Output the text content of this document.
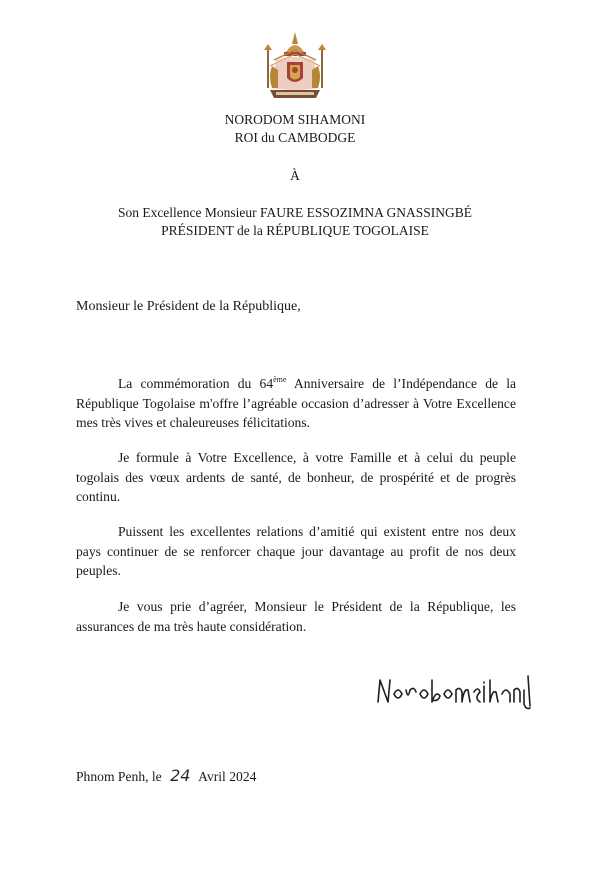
NORODOM SIHAMONI
ROI du CAMBODGE
À
Son Excellence Monsieur FAURE ESSOZIMNA GNASSINGBÉ
PRÉSIDENT de la RÉPUBLIQUE TOGOLAISE

Monsieur le Président de la République,

La commémoration du 64ème Anniversaire de l’Indépendance de la République Togolaise m'offre l’agréable occasion d’adresser à Votre Excellence mes très vives et chaleureuses félicitations.

Je formule à Votre Excellence, à votre Famille et à celui du peuple togolais des vœux ardents de santé, de bonheur, de prospérité et de progrès continu.

Puissent les excellentes relations d’amitié qui existent entre nos deux pays continuer de se renforcer chaque jour davantage au profit de nos deux peuples.

Je vous prie d’agréer, Monsieur le Président de la République, les assurances de ma très haute considération.

Phnom Penh, le 24 Avril 2024
